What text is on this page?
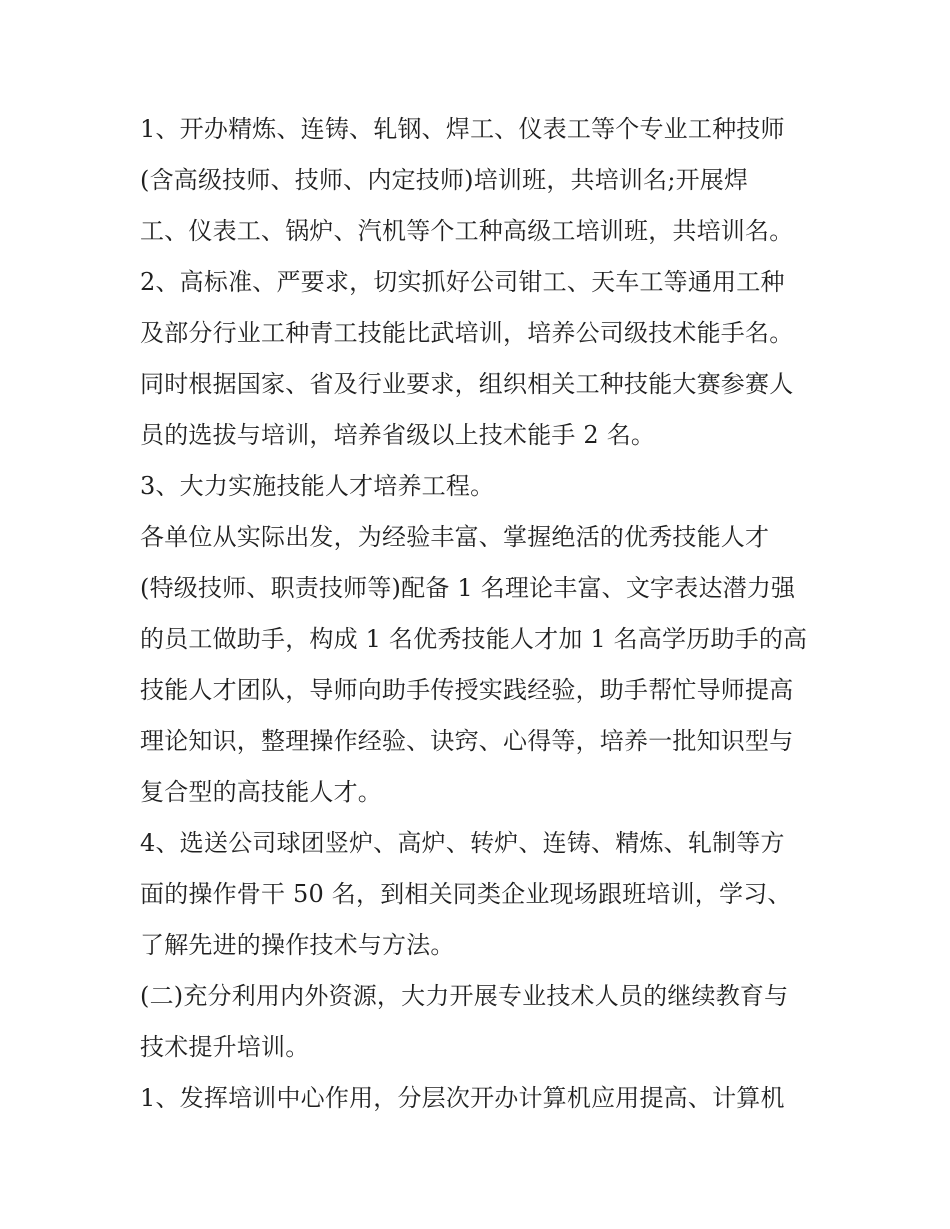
1、开办精炼、连铸、轧钢、焊工、仪表工等个专业工种技师
(含高级技师、技师、内定技师)培训班，共培训名;开展焊
工、仪表工、锅炉、汽机等个工种高级工培训班，共培训名。
2、高标准、严要求，切实抓好公司钳工、天车工等通用工种
及部分行业工种青工技能比武培训，培养公司级技术能手名。
同时根据国家、省及行业要求，组织相关工种技能大赛参赛人
员的选拔与培训，培养省级以上技术能手 2 名。
3、大力实施技能人才培养工程。
各单位从实际出发，为经验丰富、掌握绝活的优秀技能人才
(特级技师、职责技师等)配备 1 名理论丰富、文字表达潜力强
的员工做助手，构成 1 名优秀技能人才加 1 名高学历助手的高
技能人才团队，导师向助手传授实践经验，助手帮忙导师提高
理论知识，整理操作经验、诀窍、心得等，培养一批知识型与
复合型的高技能人才。
4、选送公司球团竖炉、高炉、转炉、连铸、精炼、轧制等方
面的操作骨干 50 名，到相关同类企业现场跟班培训，学习、
了解先进的操作技术与方法。
(二)充分利用内外资源，大力开展专业技术人员的继续教育与
技术提升培训。
1、发挥培训中心作用，分层次开办计算机应用提高、计算机
